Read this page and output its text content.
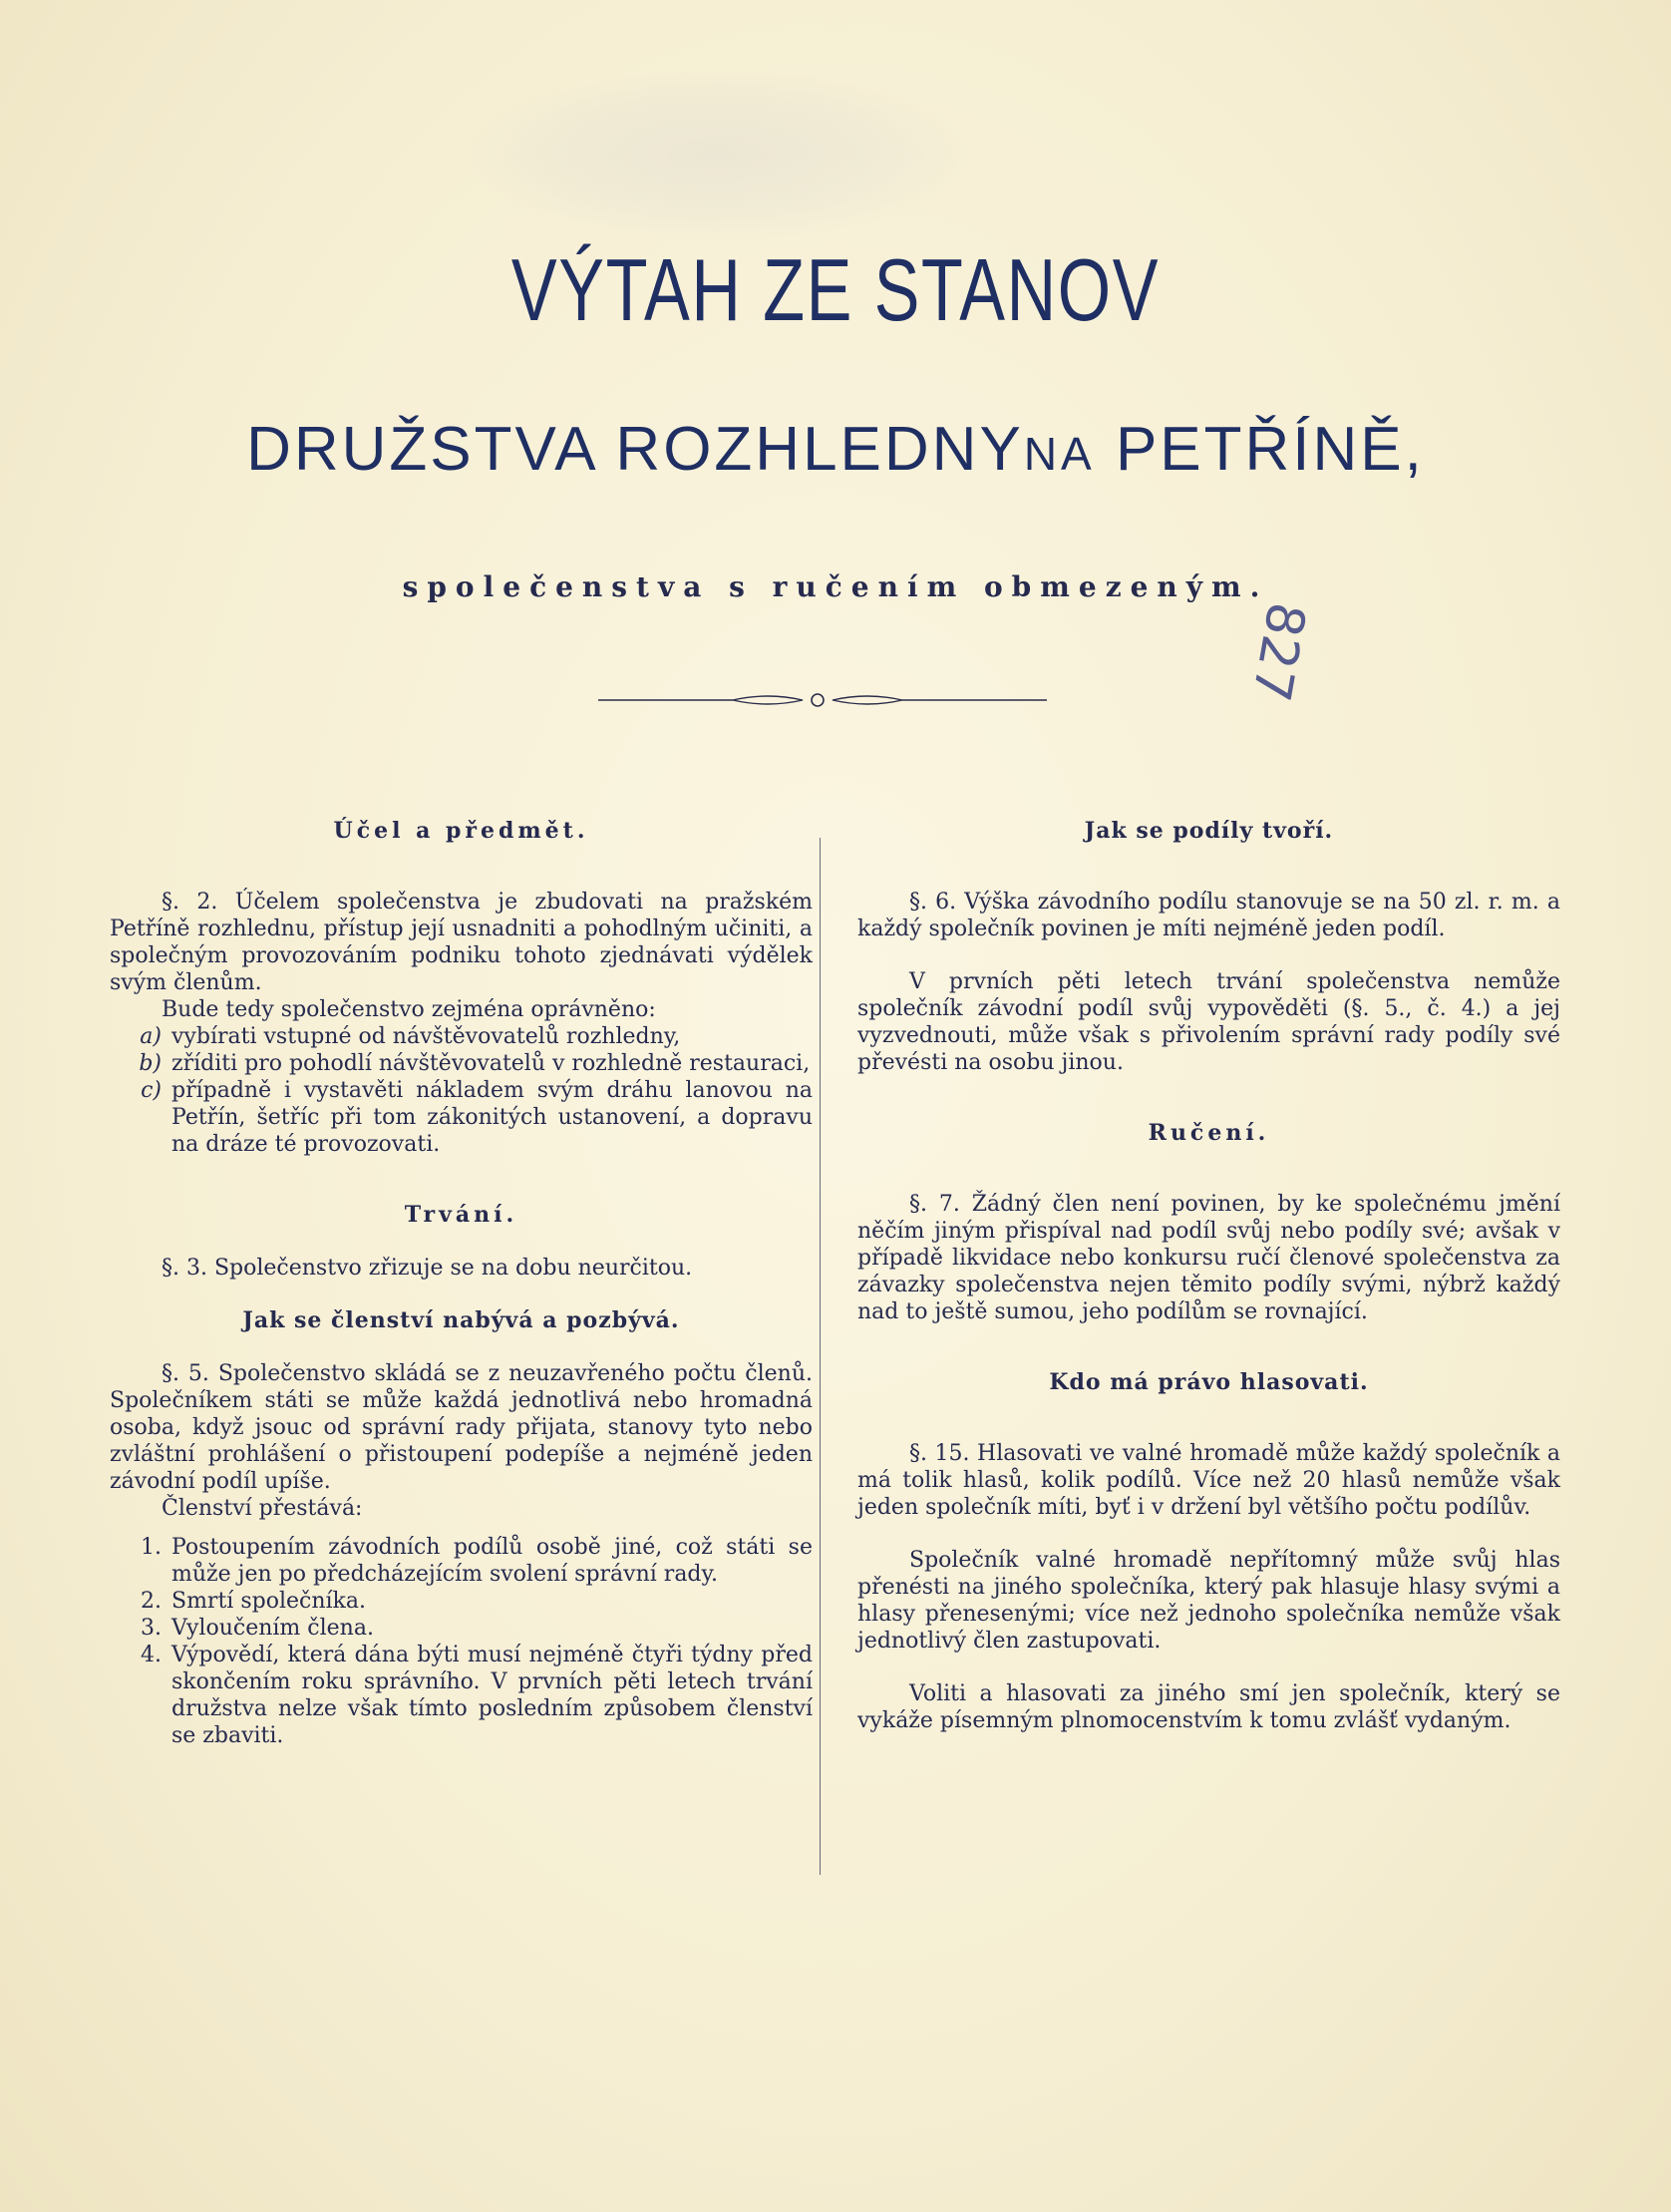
VÝTAH ZE STANOV
DRUŽSTVA ROZHLEDNYNA PETŘÍNĚ,
společenstva s ručením obmezeným.
827
Účel a předmět.

§. 2. Účelem společenstva je zbudovati na pražském Petříně rozhlednu, přístup její usnadniti a pohodlným učiniti, a společným provozováním podniku tohoto zjednávati výdělek svým členům.

Bude tedy společenstvo zejména oprávněno:

a) vybírati vstupné od návštěvovatelů rozhledny,
b) zříditi pro pohodlí návštěvovatelů v rozhledně restauraci,
c) případně i vystavěti nákladem svým dráhu lanovou na Petřín, šetříc při tom zákonitých ustanovení, a dopravu na dráze té provozovati.
Trvání.

§. 3. Společenstvo zřizuje se na dobu neurčitou.

Jak se členství nabývá a pozbývá.

§. 5. Společenstvo skládá se z neuzavřeného počtu členů. Společníkem státi se může každá jednotlivá nebo hromadná osoba, když jsouc od správní rady přijata, stanovy tyto nebo zvláštní prohlášení o přistoupení podepíše a nejméně jeden závodní podíl upíše.

Členství přestává:

1. Postoupením závodních podílů osobě jiné, což státi se může jen po předcházejícím svolení správní rady.
2. Smrtí společníka.
3. Vyloučením člena.
4. Výpovědí, která dána býti musí nejméně čtyři týdny před skončením roku správního. V prvních pěti letech trvání družstva nelze však tímto posledním způsobem členství se zbaviti.
Jak se podíly tvoří.

§. 6. Výška závodního podílu stanovuje se na 50 zl. r. m. a každý společník povinen je míti nejméně jeden podíl.

V prvních pěti letech trvání společenstva nemůže společník závodní podíl svůj vypověděti (§. 5., č. 4.) a jej vyzvednouti, může však s přivolením správní rady podíly své převésti na osobu jinou.

Ručení.

§. 7. Žádný člen není povinen, by ke společnému jmění něčím jiným přispíval nad podíl svůj nebo podíly své; avšak v případě likvidace nebo konkursu ručí členové společenstva za závazky společenstva nejen těmito podíly svými, nýbrž každý nad to ještě sumou, jeho podílům se rovnající.

Kdo má právo hlasovati.

§. 15. Hlasovati ve valné hromadě může každý společník a má tolik hlasů, kolik podílů. Více než 20 hlasů nemůže však jeden společník míti, byť i v držení byl většího počtu podílův.

Společník valné hromadě nepřítomný může svůj hlas přenésti na jiného společníka, který pak hlasuje hlasy svými a hlasy přenesenými; více než jednoho společníka nemůže však jednotlivý člen zastupovati.

Voliti a hlasovati za jiného smí jen společník, který se vykáže písemným plnomocenstvím k tomu zvlášť vydaným.
